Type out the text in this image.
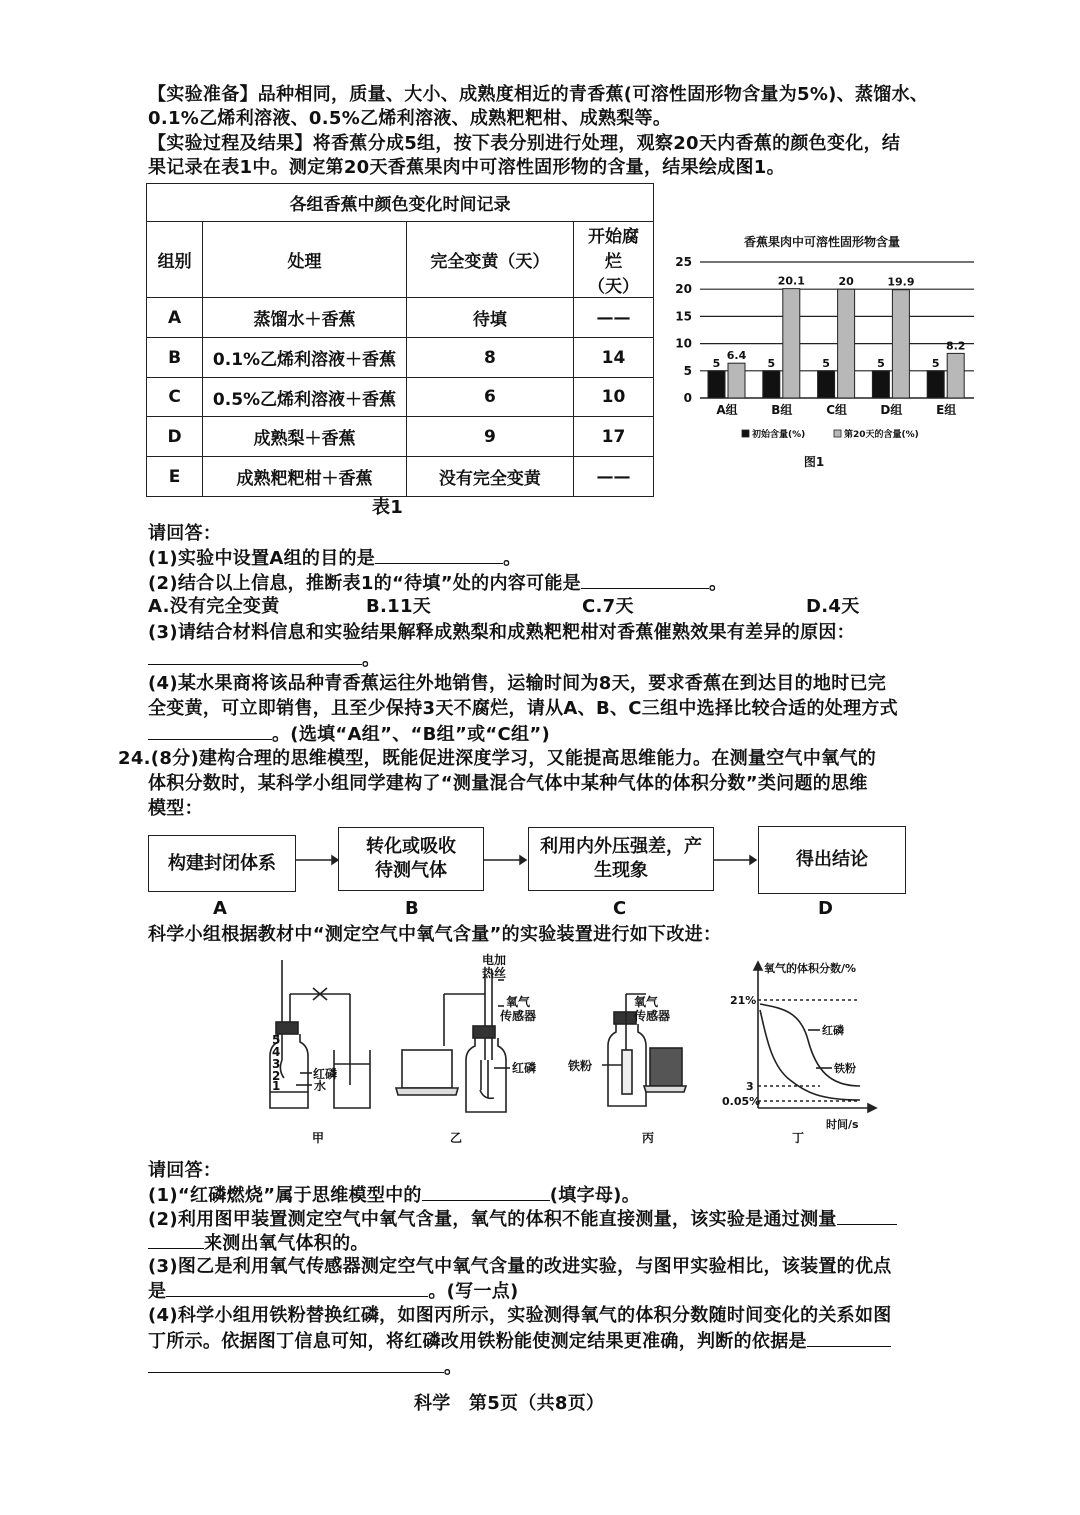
【实验准备】品种相同，质量、大小、成熟度相近的青香蕉(可溶性固形物含量为5%)、蒸馏水、
0.1%乙烯利溶液、0.5%乙烯利溶液、成熟粑粑柑、成熟梨等。
【实验过程及结果】将香蕉分成5组，按下表分别进行处理，观察20天内香蕉的颜色变化，结
果记录在表1中。测定第20天香蕉果肉中可溶性固形物的含量，结果绘成图1。
各组香蕉中颜色变化时间记录			
组别	处理	完全变黄（天）	开始腐烂（天）
A	蒸馏水＋香蕉	待填	——
B	0.1%乙烯利溶液＋香蕉	8	14
C	0.5%乙烯利溶液＋香蕉	6	10
D	成熟梨＋香蕉	9	17
E	成熟粑粑柑＋香蕉	没有完全变黄	——
表1
香蕉果肉中可溶性固形物含量
0
5
10
15
20
25
5
6.4
A组
5
20.1
B组
5
20
C组
5
19.9
D组
5
8.2
E组
初始含量(%)	第20天的含量(%)
图1
请回答：
(1)实验中设置A组的目的是	。
(2)结合以上信息，推断表1的“待填”处的内容可能是	。
A.没有完全变黄	B.11天	C.7天	D.4天
(3)请结合材料信息和实验结果解释成熟梨和成熟粑粑柑对香蕉催熟效果有差异的原因：
。
(4)某水果商将该品种青香蕉运往外地销售，运输时间为8天，要求香蕉在到达目的地时已完
全变黄，可立即销售，且至少保持3天不腐烂，请从A、B、C三组中选择比较合适的处理方式
。(选填“A组”、“B组”或“C组”)
24.(8分)建构合理的思维模型，既能促进深度学习，又能提高思维能力。在测量空气中氧气的
体积分数时，某科学小组同学建构了“测量混合气体中某种气体的体积分数”类问题的思维
模型：
构建封闭体系
转化或吸收待测气体
利用内外压强差，产生现象
得出结论
A	B	C	D
科学小组根据教材中“测定空气中氧气含量”的实验装置进行如下改进：
5
4
3
2
1
红磷
水
甲
电加
热丝
氧气
传感器
红磷
乙
氧气
传感器
铁粉
丙
氧气的体积分数/%
21%
3
0.05%
红磷
铁粉
时间/s
丁
请回答：
(1)“红磷燃烧”属于思维模型中的	(填字母)。
(2)利用图甲装置测定空气中氧气含量，氧气的体积不能直接测量，该实验是通过测量
来测出氧气体积的。
(3)图乙是利用氧气传感器测定空气中氧气含量的改进实验，与图甲实验相比，该装置的优点
是	。(写一点)
(4)科学小组用铁粉替换红磷，如图丙所示，实验测得氧气的体积分数随时间变化的关系如图
丁所示。依据图丁信息可知，将红磷改用铁粉能使测定结果更准确，判断的依据是
。
科学　第5页（共8页）
